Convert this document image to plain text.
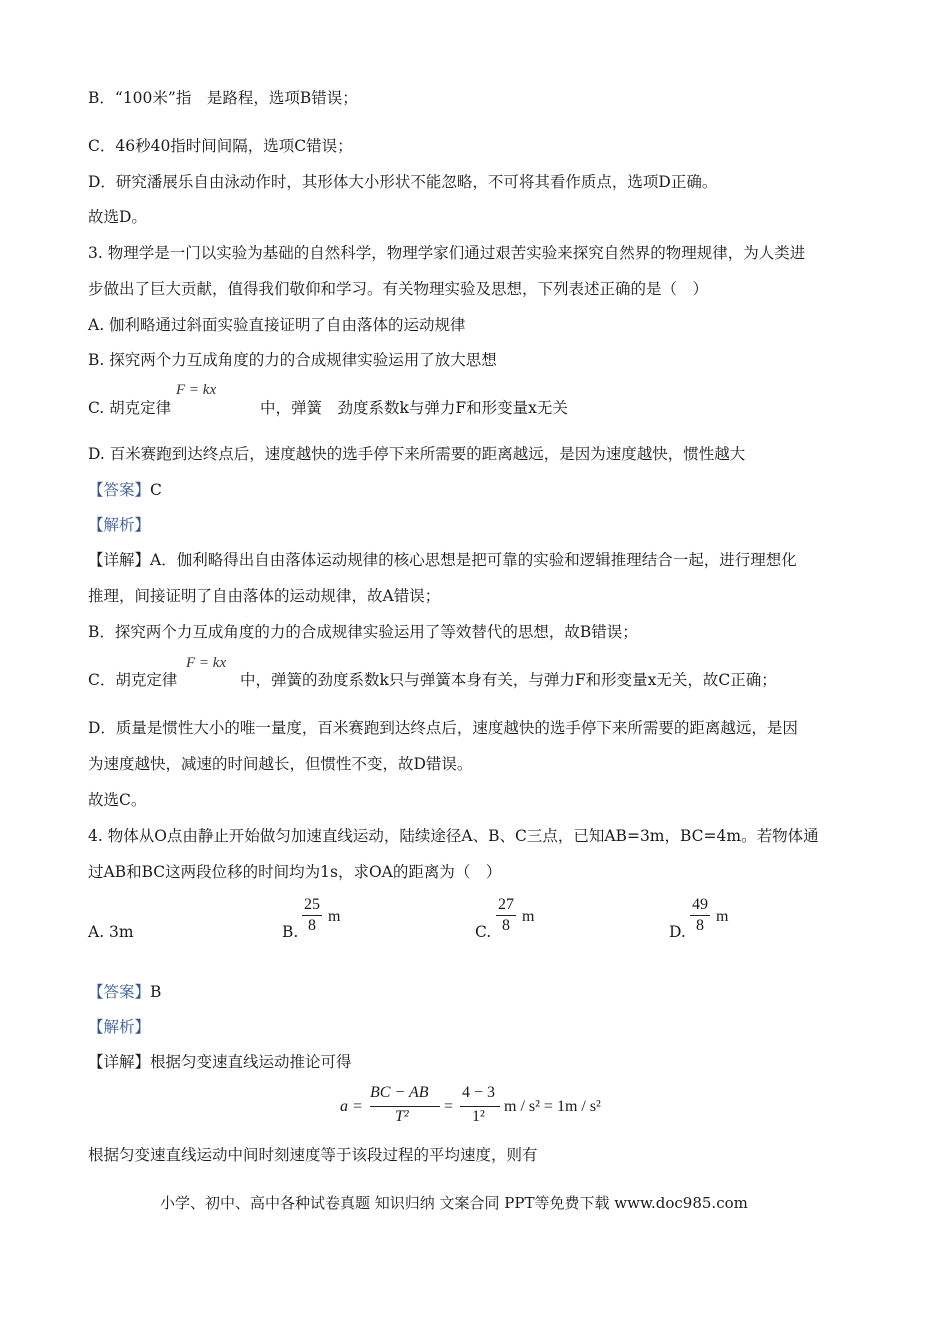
B．“100米”指　是路程，选项B错误；
C．46秒40指时间间隔，选项C错误；
D．研究潘展乐自由泳动作时，其形体大小形状不能忽略，不可将其看作质点，选项D正确。
故选D。
3. 物理学是一门以实验为基础的自然科学，物理学家们通过艰苦实验来探究自然界的物理规律，为人类进
步做出了巨大贡献，值得我们敬仰和学习。有关物理实验及思想，下列表述正确的是（　）
A. 伽利略通过斜面实验直接证明了自由落体的运动规律
B. 探究两个力互成角度的力的合成规律实验运用了放大思想
C. 胡克定律
F = kx
中，弹簧　劲度系数k与弹力F和形变量x无关
D. 百米赛跑到达终点后，速度越快的选手停下来所需要的距离越远，是因为速度越快，惯性越大
【答案】C
【解析】
【详解】A．伽利略得出自由落体运动规律的核心思想是把可靠的实验和逻辑推理结合一起，进行理想化
推理，间接证明了自由落体的运动规律，故A错误；
B．探究两个力互成角度的力的合成规律实验运用了等效替代的思想，故B错误；
C．胡克定律
F = kx
中，弹簧的劲度系数k只与弹簧本身有关，与弹力F和形变量x无关，故C正确；
D．质量是惯性大小的唯一量度，百米赛跑到达终点后，速度越快的选手停下来所需要的距离越远，是因
为速度越快，减速的时间越长，但惯性不变，故D错误。
故选C。
4. 物体从O点由静止开始做匀加速直线运动，陆续途径A、B、C三点，已知AB=3m，BC=4m。若物体通
过AB和BC这两段位移的时间均为1s，求OA的距离为（　）
A. 3m	B.
25
8
m
C.
27
8
m
D.
49
8
m
【答案】B
【解析】
【详解】根据匀变速直线运动推论可得
a =
BC − AB
T²
=
4 − 3
1²
m / s² = 1m / s²
根据匀变速直线运动中间时刻速度等于该段过程的平均速度，则有
小学、初中、高中各种试卷真题 知识归纳 文案合同 PPT等免费下载 www.doc985.com
